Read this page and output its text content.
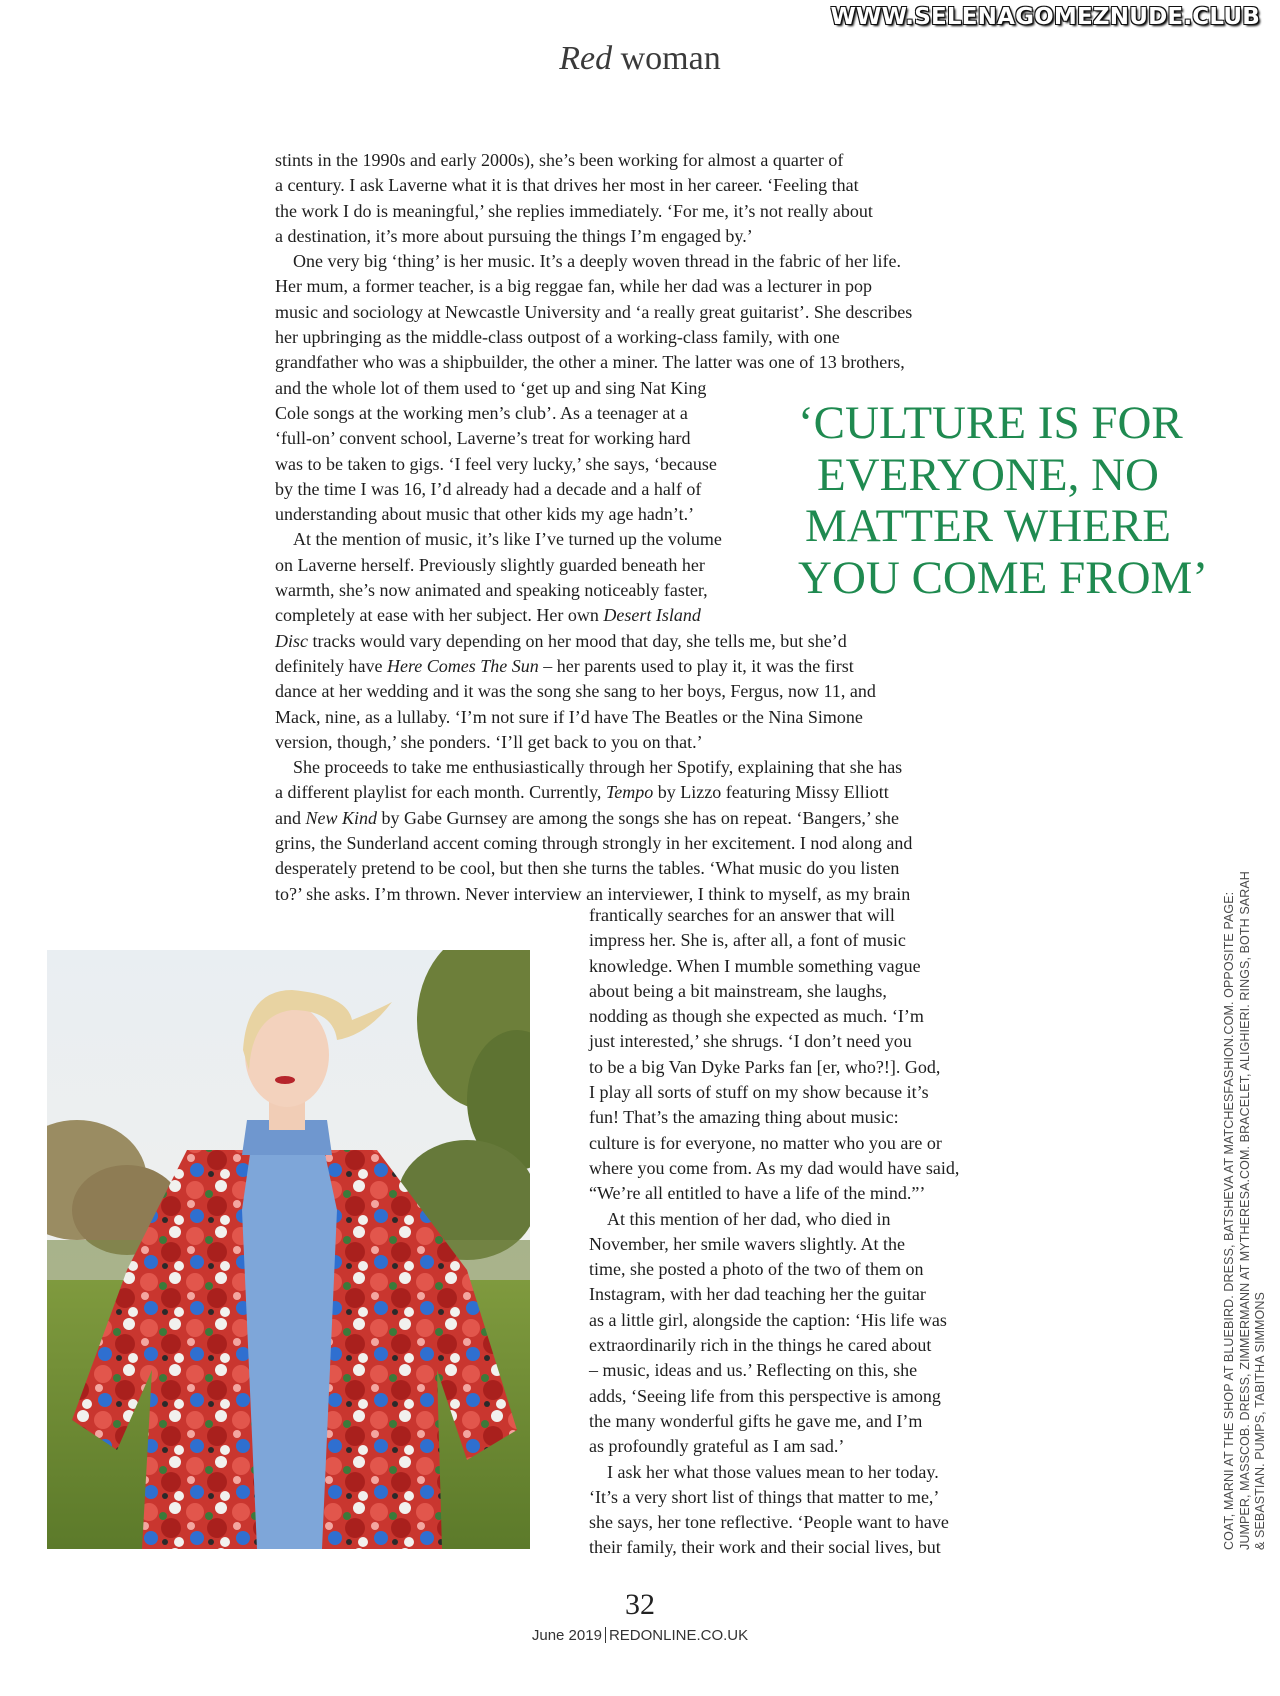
WWW.SELENAGOMEZNUDE.CLUB
Red woman
stints in the 1990s and early 2000s), she’s been working for almost a quarter of
a century. I ask Laverne what it is that drives her most in her career. ‘Feeling that
the work I do is meaningful,’ she replies immediately. ‘For me, it’s not really about
a destination, it’s more about pursuing the things I’m engaged by.’
One very big ‘thing’ is her music. It’s a deeply woven thread in the fabric of her life.
Her mum, a former teacher, is a big reggae fan, while her dad was a lecturer in pop
music and sociology at Newcastle University and ‘a really great guitarist’. She describes
her upbringing as the middle-class outpost of a working-class family, with one
grandfather who was a shipbuilder, the other a miner. The latter was one of 13 brothers,
and the whole lot of them used to ‘get up and sing Nat King
Cole songs at the working men’s club’. As a teenager at a
‘full-on’ convent school, Laverne’s treat for working hard
was to be taken to gigs. ‘I feel very lucky,’ she says, ‘because
by the time I was 16, I’d already had a decade and a half of
understanding about music that other kids my age hadn’t.’
At the mention of music, it’s like I’ve turned up the volume
on Laverne herself. Previously slightly guarded beneath her
warmth, she’s now animated and speaking noticeably faster,
completely at ease with her subject. Her own Desert Island
Disc tracks would vary depending on her mood that day, she tells me, but she’d
definitely have Here Comes The Sun – her parents used to play it, it was the first
dance at her wedding and it was the song she sang to her boys, Fergus, now 11, and
Mack, nine, as a lullaby. ‘I’m not sure if I’d have The Beatles or the Nina Simone
version, though,’ she ponders. ‘I’ll get back to you on that.’
She proceeds to take me enthusiastically through her Spotify, explaining that she has
a different playlist for each month. Currently, Tempo by Lizzo featuring Missy Elliott
and New Kind by Gabe Gurnsey are among the songs she has on repeat. ‘Bangers,’ she
grins, the Sunderland accent coming through strongly in her excitement. I nod along and
desperately pretend to be cool, but then she turns the tables. ‘What music do you listen
to?’ she asks. I’m thrown. Never interview an interviewer, I think to myself, as my brain
‘CULTURE IS FOR
EVERYONE, NO
MATTER WHERE
YOU COME FROM’
frantically searches for an answer that will
impress her. She is, after all, a font of music
knowledge. When I mumble something vague
about being a bit mainstream, she laughs,
nodding as though she expected as much. ‘I’m
just interested,’ she shrugs. ‘I don’t need you
to be a big Van Dyke Parks fan [er, who?!]. God,
I play all sorts of stuff on my show because it’s
fun! That’s the amazing thing about music:
culture is for everyone, no matter who you are or
where you come from. As my dad would have said,
“We’re all entitled to have a life of the mind.”’
At this mention of her dad, who died in
November, her smile wavers slightly. At the
time, she posted a photo of the two of them on
Instagram, with her dad teaching her the guitar
as a little girl, alongside the caption: ‘His life was
extraordinarily rich in the things he cared about
– music, ideas and us.’ Reflecting on this, she
adds, ‘Seeing life from this perspective is among
the many wonderful gifts he gave me, and I’m
as profoundly grateful as I am sad.’
I ask her what those values mean to her today.
‘It’s a very short list of things that matter to me,’
she says, her tone reflective. ‘People want to have
their family, their work and their social lives, but	COAT, MARNI AT THE SHOP AT BLUEBIRD. DRESS, BATSHEVA AT MATCHESFASHION.COM. OPPOSITE PAGE: JUMPER, MASSCOB. DRESS, ZIMMERMANN AT MYTHERESA.COM. BRACELET, ALIGHIERI. RINGS, BOTH SARAH & SEBASTIAN. PUMPS, TABITHA SIMMONS
32
June 2019 REDONLINE.CO.UK
